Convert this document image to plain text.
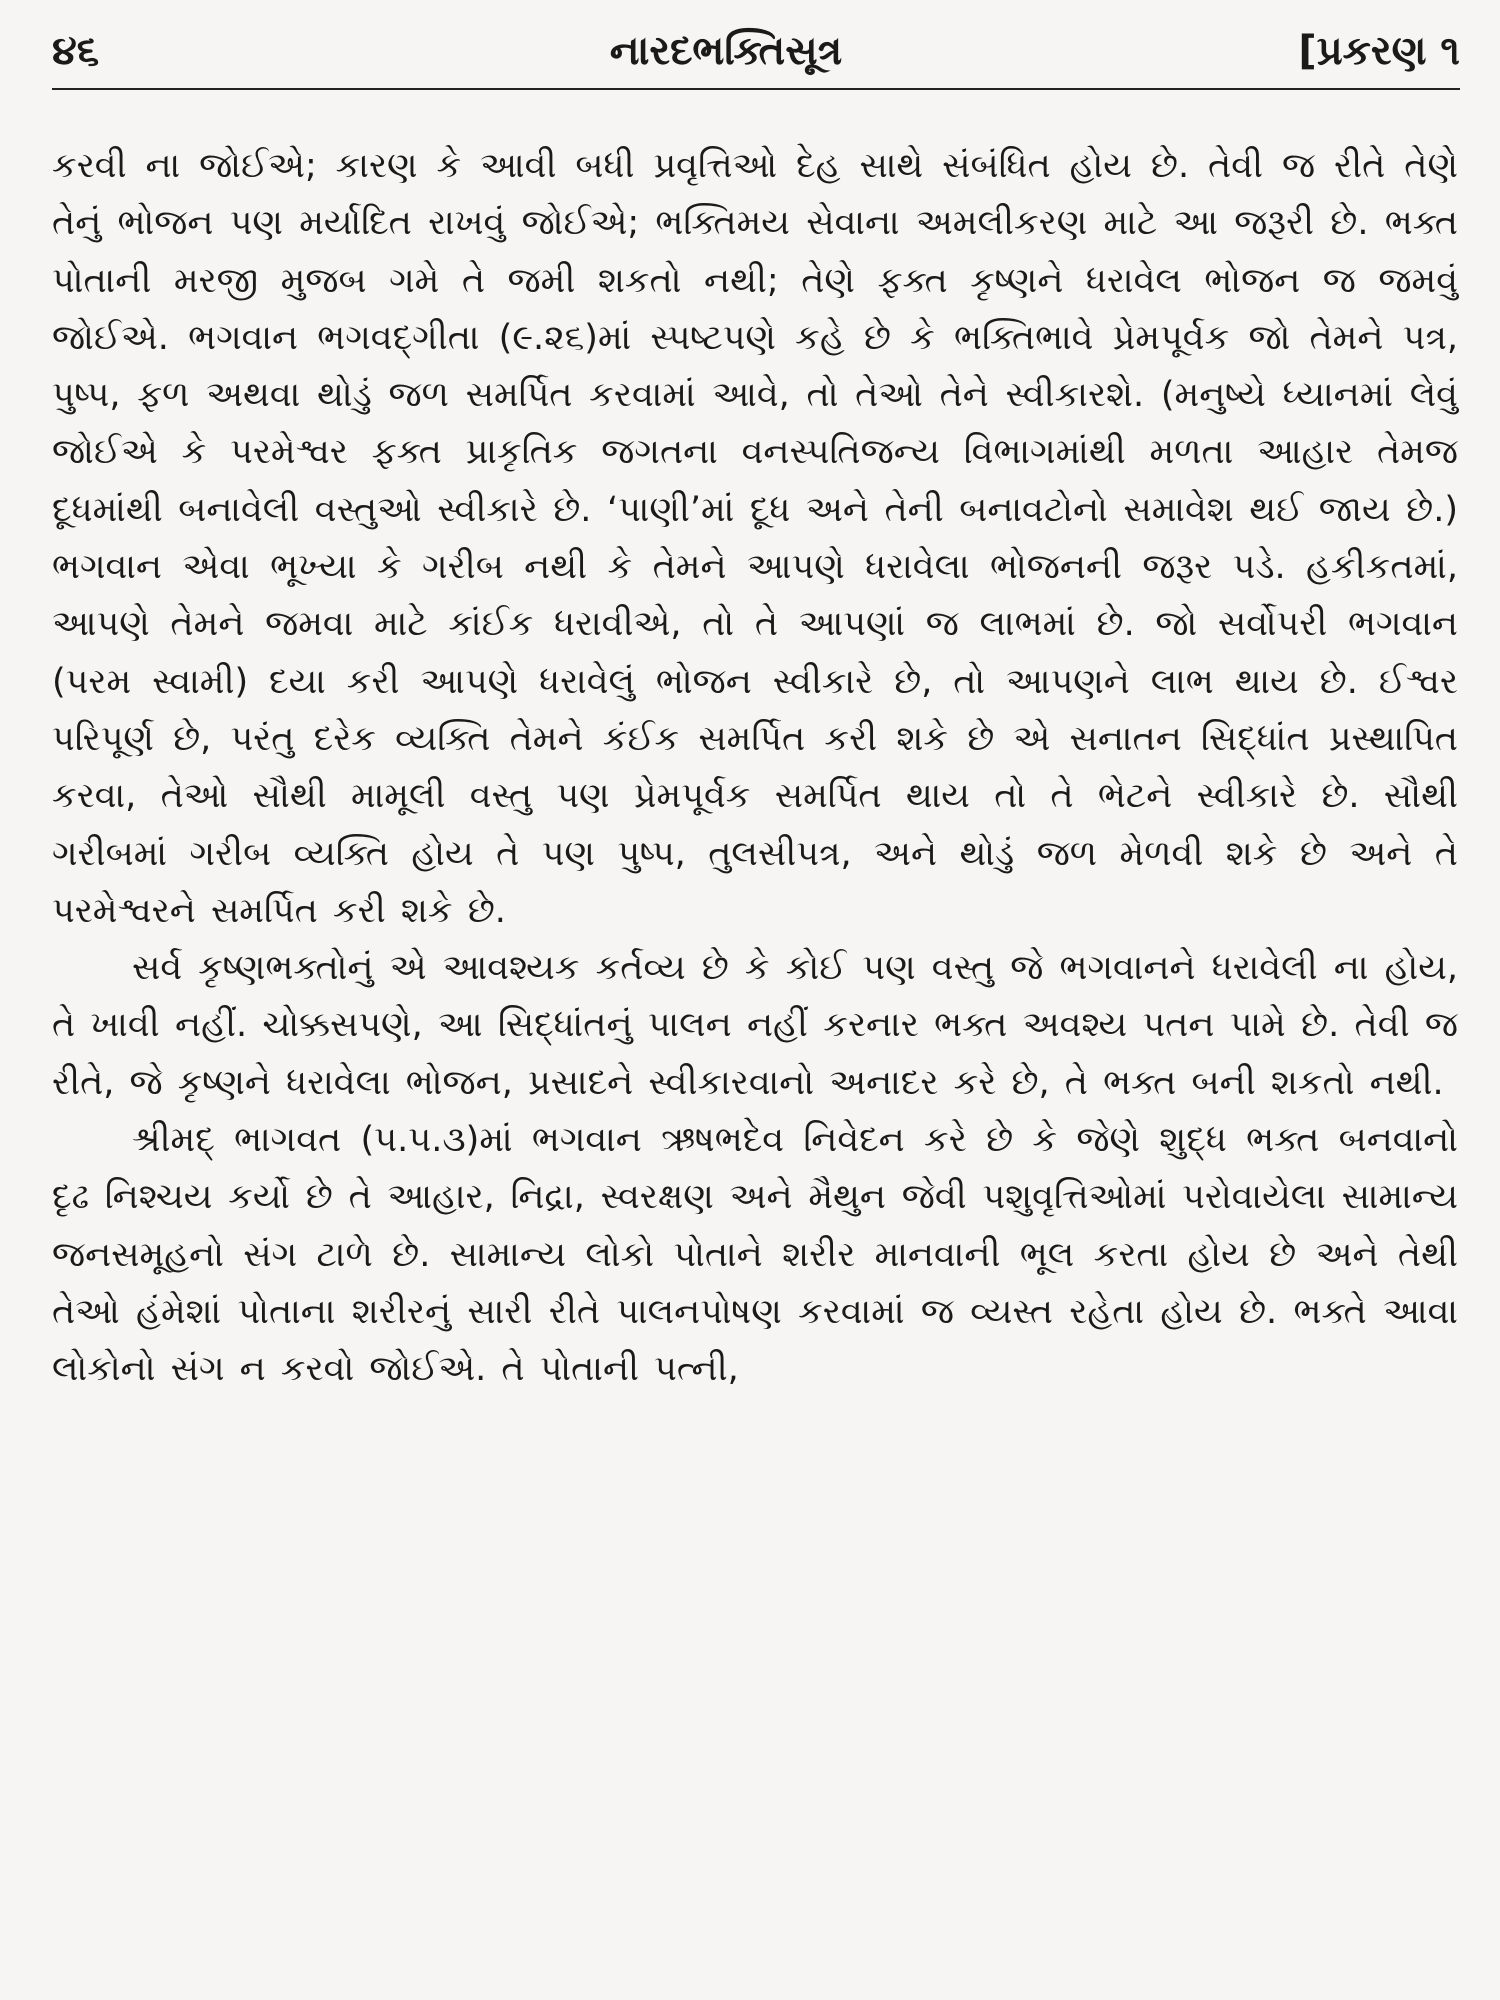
૪૬	નારદભક્તિસૂત્ર	[પ્રકરણ ૧

કરવી ના જોઈએ; કારણ કે આવી બધી પ્રવૃત્તિઓ દેહ સાથે સંબંધિત હોય છે. તેવી જ રીતે તેણે તેનું ભોજન પણ મર્યાદિત રાખવું જોઈએ; ભક્તિમય સેવાના અમલીકરણ માટે આ જરૂરી છે. ભક્ત પોતાની મરજી મુજબ ગમે તે જમી શકતો નથી; તેણે ફક્ત કૃષ્ણને ધરાવેલ ભોજન જ જમવું જોઈએ. ભગવાન ભગવદ્ગીતા (૯.૨૬)માં સ્પષ્ટપણે કહે છે કે ભક્તિભાવે પ્રેમપૂર્વક જો તેમને પત્ર, પુષ્પ, ફળ અથવા થોડું જળ સમર્પિત કરવામાં આવે, તો તેઓ તેને સ્વીકારશે. (મનુષ્યે ધ્યાનમાં લેવું જોઈએ કે પરમેશ્વર ફક્ત પ્રાકૃતિક જગતના વનસ્પતિજન્ય વિભાગમાંથી મળતા આહાર તેમજ દૂધમાંથી બનાવેલી વસ્તુઓ સ્વીકારે છે. ‘પાણી’માં દૂધ અને તેની બનાવટોનો સમાવેશ થઈ જાય છે.) ભગવાન એવા ભૂખ્યા કે ગરીબ નથી કે તેમને આપણે ધરાવેલા ભોજનની જરૂર પડે. હકીકતમાં, આપણે તેમને જમવા માટે કાંઈક ધરાવીએ, તો તે આપણાં જ લાભમાં છે. જો સર્વોપરી ભગવાન (પરમ સ્વામી) દયા કરી આપણે ધરાવેલું ભોજન સ્વીકારે છે, તો આપણને લાભ થાય છે. ઈશ્વર પરિપૂર્ણ છે, પરંતુ દરેક વ્યક્તિ તેમને કંઈક સમર્પિત કરી શકે છે એ સનાતન સિદ્ધાંત પ્રસ્થાપિત કરવા, તેઓ સૌથી મામૂલી વસ્તુ પણ પ્રેમપૂર્વક સમર્પિત થાય તો તે ભેટને સ્વીકારે છે. સૌથી ગરીબમાં ગરીબ વ્યક્તિ હોય તે પણ પુષ્પ, તુલસીપત્ર, અને થોડું જળ મેળવી શકે છે અને તે પરમેશ્વરને સમર્પિત કરી શકે છે.

સર્વ કૃષ્ણભક્તોનું એ આવશ્યક કર્તવ્ય છે કે કોઈ પણ વસ્તુ જે ભગવાનને ધરાવેલી ના હોય, તે ખાવી નહીં. ચોક્કસપણે, આ સિદ્ધાંતનું પાલન નહીં કરનાર ભક્ત અવશ્ય પતન પામે છે. તેવી જ રીતે, જે કૃષ્ણને ધરાવેલા ભોજન, પ્રસાદને સ્વીકારવાનો અનાદર કરે છે, તે ભક્ત બની શકતો નથી.

શ્રીમદ્ ભાગવત (૫.૫.૩)માં ભગવાન ઋષભદેવ નિવેદન કરે છે કે જેણે શુદ્ધ ભક્ત બનવાનો દૃઢ નિશ્ચય કર્યો છે તે આહાર, નિદ્રા, સ્વરક્ષણ અને મૈથુન જેવી પશુવૃત્તિઓમાં પરોવાયેલા સામાન્ય જનસમૂહનો સંગ ટાળે છે. સામાન્ય લોકો પોતાને શરીર માનવાની ભૂલ કરતા હોય છે અને તેથી તેઓ હંમેશાં પોતાના શરીરનું સારી રીતે પાલનપોષણ કરવામાં જ વ્યસ્ત રહેતા હોય છે. ભક્તે આવા લોકોનો સંગ ન કરવો જોઈએ. તે પોતાની પત્ની,
